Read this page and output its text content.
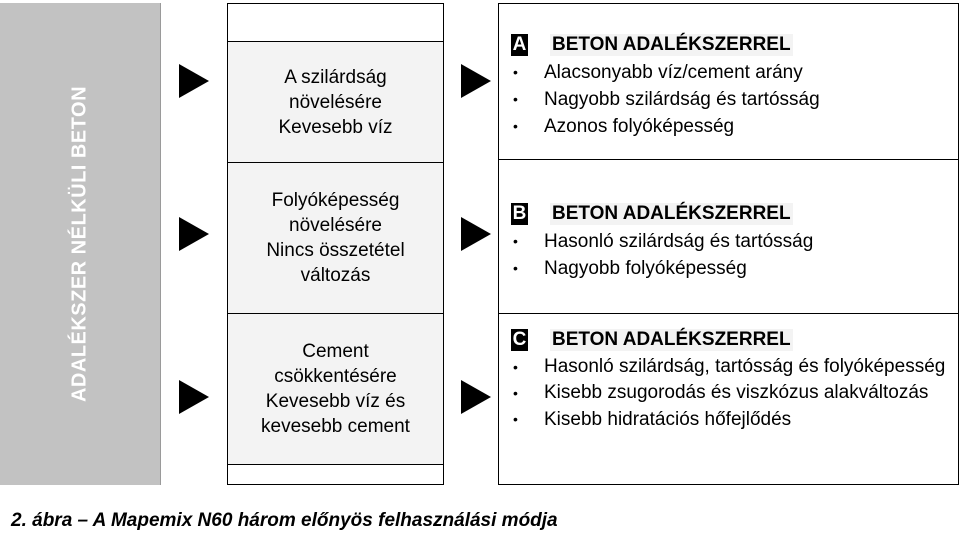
ADALÉKSZER NÉLKÜLI BETON
A szilárdság
növelésére
Kevesebb víz
Folyóképesség
növelésére
Nincs összetétel
változás
Cement
csökkentésére
Kevesebb víz és
kevesebb cement
A BETON ADALÉKSZERREL
• Alacsonyabb víz/cement arány
• Nagyobb szilárdság és tartósság
• Azonos folyóképesség
B BETON ADALÉKSZERREL
• Hasonló szilárdság és tartósság
• Nagyobb folyóképesség
C BETON ADALÉKSZERREL
• Hasonló szilárdság, tartósság és folyóképesség
• Kisebb zsugorodás és viszkózus alakváltozás
• Kisebb hidratációs hőfejlődés
2. ábra – A Mapemix N60 három előnyös felhasználási módja
